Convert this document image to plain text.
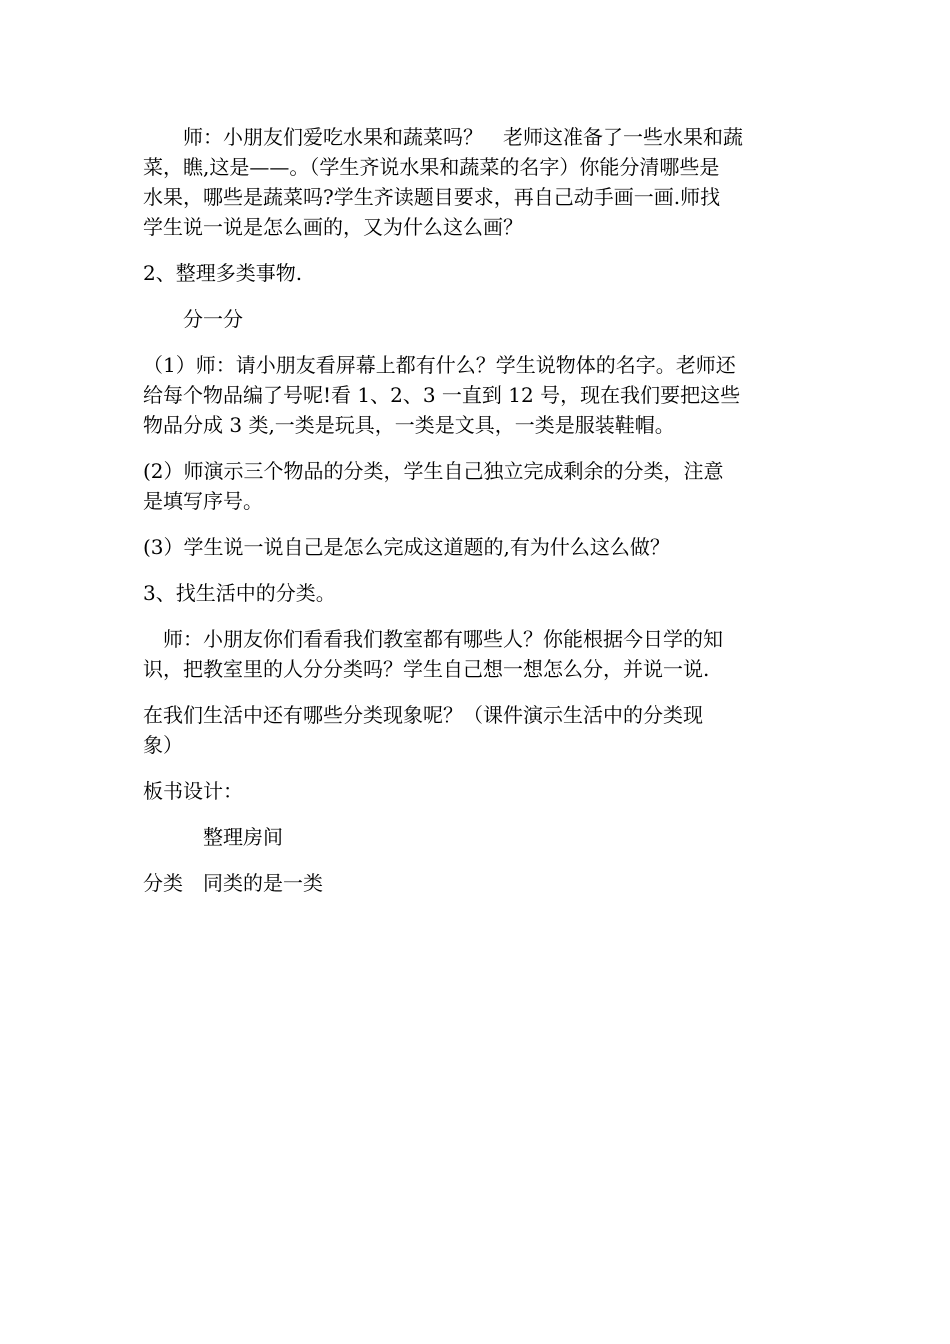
　　师：小朋友们爱吃水果和蔬菜吗？　老师这准备了一些水果和蔬
菜，瞧,这是——。（学生齐说水果和蔬菜的名字）你能分清哪些是
水果，哪些是蔬菜吗?学生齐读题目要求，再自己动手画一画.师找
学生说一说是怎么画的，又为什么这么画？
2、整理多类事物.
　　分一分
（1）师：请小朋友看屏幕上都有什么？学生说物体的名字。老师还
给每个物品编了号呢!看 1、2、3 一直到 12 号，现在我们要把这些
物品分成 3 类,一类是玩具，一类是文具，一类是服装鞋帽。
(2）师演示三个物品的分类，学生自己独立完成剩余的分类，注意
是填写序号。
(3）学生说一说自己是怎么完成这道题的,有为什么这么做？
3、找生活中的分类。
　师：小朋友你们看看我们教室都有哪些人？你能根据今日学的知
识，把教室里的人分分类吗？学生自己想一想怎么分，并说一说.
在我们生活中还有哪些分类现象呢？（课件演示生活中的分类现
象）
板书设计：
　　　整理房间
分类　同类的是一类
